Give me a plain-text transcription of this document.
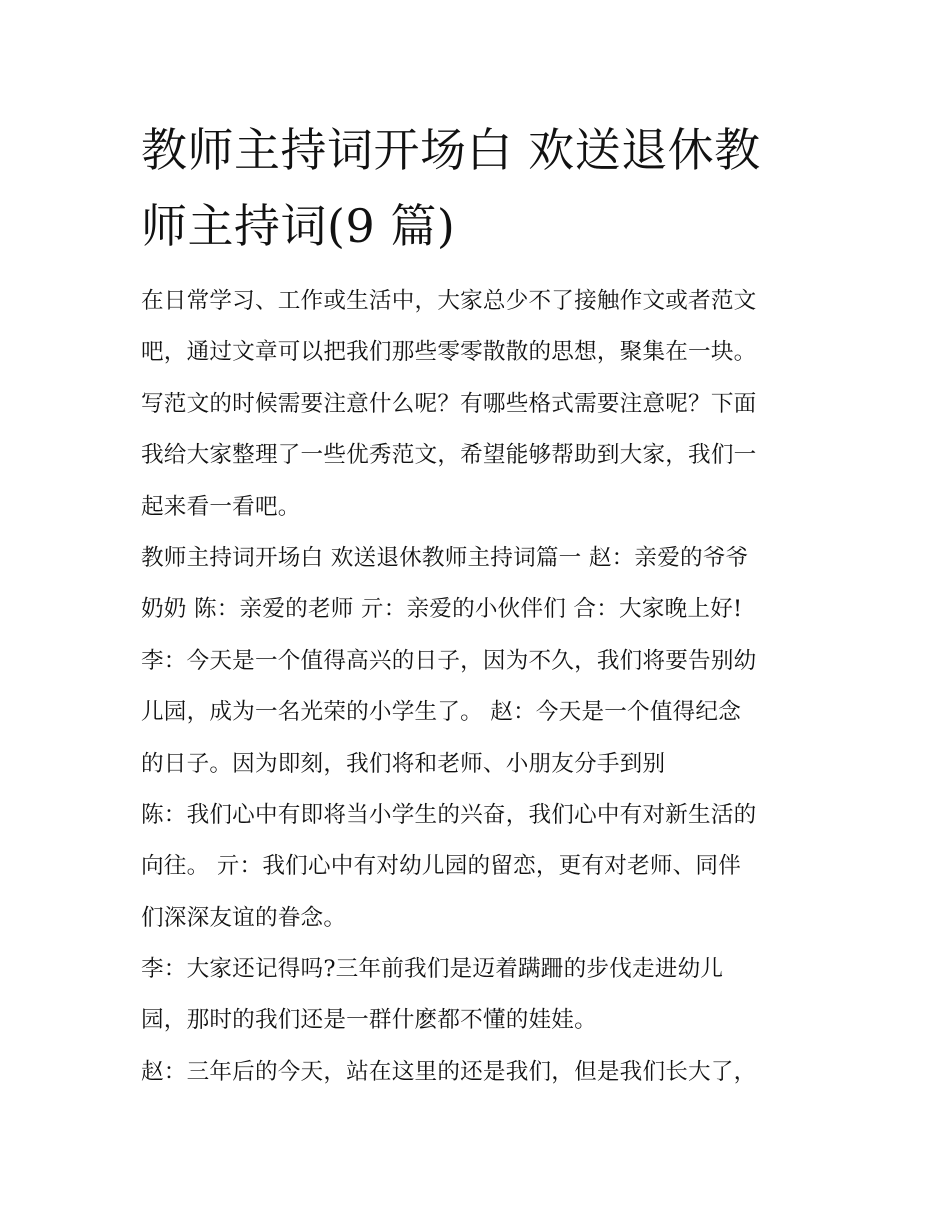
教师主持词开场白 欢送退休教
师主持词(9 篇)
在日常学习、工作或生活中，大家总少不了接触作文或者范文
吧，通过文章可以把我们那些零零散散的思想，聚集在一块。
写范文的时候需要注意什么呢？有哪些格式需要注意呢？下面
我给大家整理了一些优秀范文，希望能够帮助到大家，我们一
起来看一看吧。
教师主持词开场白 欢送退休教师主持词篇一 赵：亲爱的爷爷
奶奶 陈：亲爱的老师 亓：亲爱的小伙伴们 合：大家晚上好!
李：今天是一个值得高兴的日子，因为不久，我们将要告别幼
儿园，成为一名光荣的小学生了。 赵：今天是一个值得纪念
的日子。因为即刻，我们将和老师、小朋友分手到别
陈：我们心中有即将当小学生的兴奋，我们心中有对新生活的
向往。 亓：我们心中有对幼儿园的留恋，更有对老师、同伴
们深深友谊的眷念。
李：大家还记得吗?三年前我们是迈着蹒跚的步伐走进幼儿
园，那时的我们还是一群什麽都不懂的娃娃。
赵：三年后的今天，站在这里的还是我们，但是我们长大了，
